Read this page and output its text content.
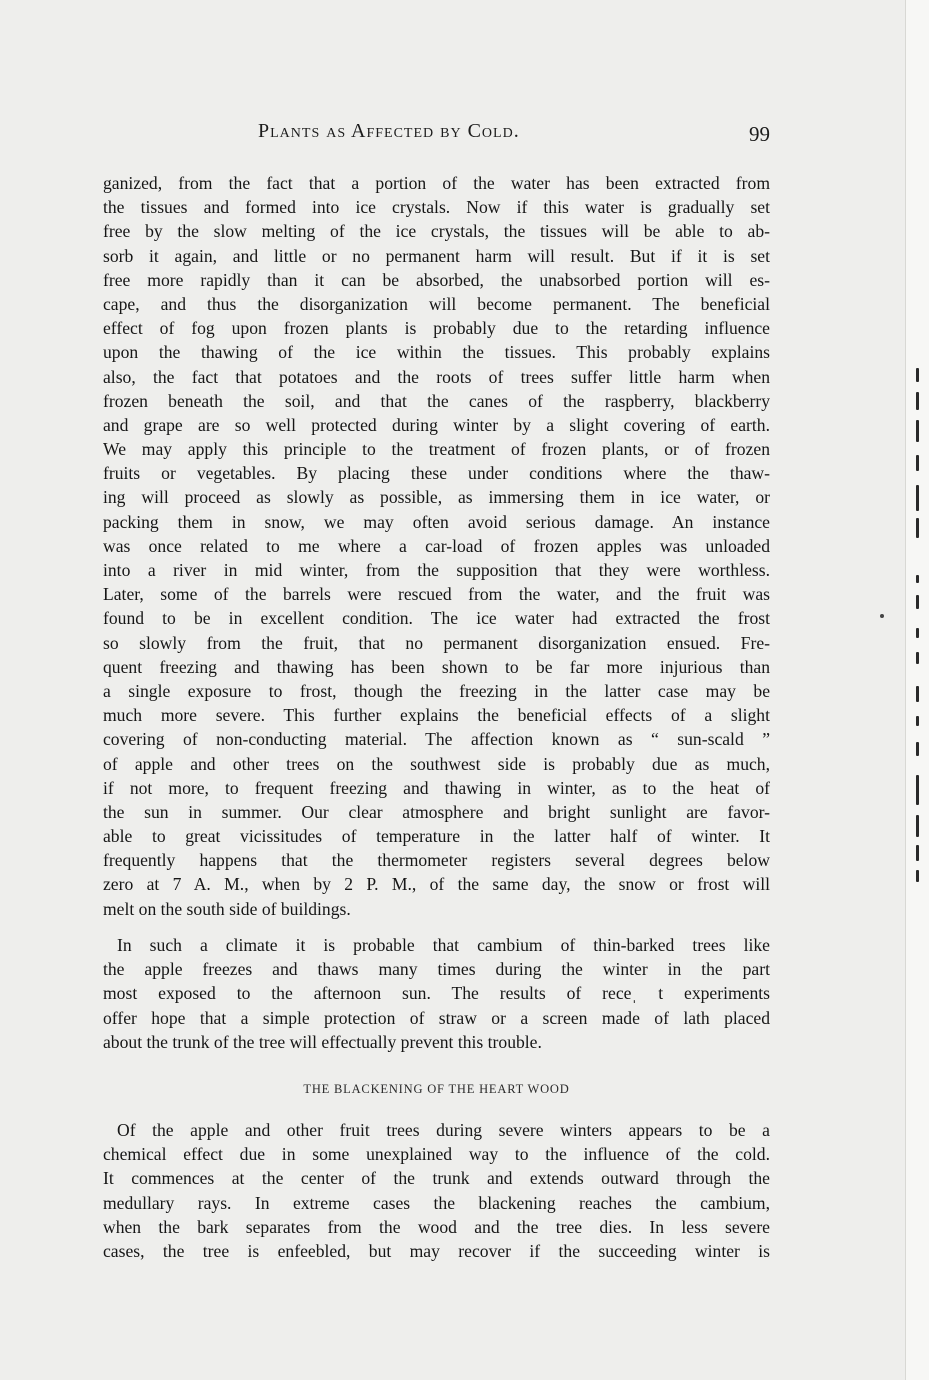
Plants as Affected by Cold.	99
ganized, from the fact that a portion of the water has been extracted from
the tissues and formed into ice crystals. Now if this water is gradually set
free by the slow melting of the ice crystals, the tissues will be able to ab-
sorb it again, and little or no permanent harm will result. But if it is set
free more rapidly than it can be absorbed, the unabsorbed portion will es-
cape, and thus the disorganization will become permanent. The beneficial
effect of fog upon frozen plants is probably due to the retarding influence
upon the thawing of the ice within the tissues. This probably explains
also, the fact that potatoes and the roots of trees suffer little harm when
frozen beneath the soil, and that the canes of the raspberry, blackberry
and grape are so well protected during winter by a slight covering of earth.
We may apply this principle to the treatment of frozen plants, or of frozen
fruits or vegetables. By placing these under conditions where the thaw-
ing will proceed as slowly as possible, as immersing them in ice water, or
packing them in snow, we may often avoid serious damage. An instance
was once related to me where a car-load of frozen apples was unloaded
into a river in mid winter, from the supposition that they were worthless.
Later, some of the barrels were rescued from the water, and the fruit was
found to be in excellent condition. The ice water had extracted the frost
so slowly from the fruit, that no permanent disorganization ensued. Fre-
quent freezing and thawing has been shown to be far more injurious than
a single exposure to frost, though the freezing in the latter case may be
much more severe. This further explains the beneficial effects of a slight
covering of non-conducting material. The affection known as “ sun-scald ”
of apple and other trees on the southwest side is probably due as much,
if not more, to frequent freezing and thawing in winter, as to the heat of
the sun in summer. Our clear atmosphere and bright sunlight are favor-
able to great vicissitudes of temperature in the latter half of winter. It
frequently happens that the thermometer registers several degrees below
zero at 7 A. M., when by 2 P. M., of the same day, the snow or frost will
melt on the south side of buildings.
In such a climate it is probable that cambium of thin-barked trees like
the apple freezes and thaws many times during the winter in the part
most exposed to the afternoon sun. The results of receˌ t experiments
offer hope that a simple protection of straw or a screen made of lath placed
about the trunk of the tree will effectually prevent this trouble.
THE BLACKENING OF THE HEART WOOD
Of the apple and other fruit trees during severe winters appears to be a
chemical effect due in some unexplained way to the influence of the cold.
It commences at the center of the trunk and extends outward through the
medullary rays. In extreme cases the blackening reaches the cambium,
when the bark separates from the wood and the tree dies. In less severe
cases, the tree is enfeebled, but may recover if the succeeding winter is
